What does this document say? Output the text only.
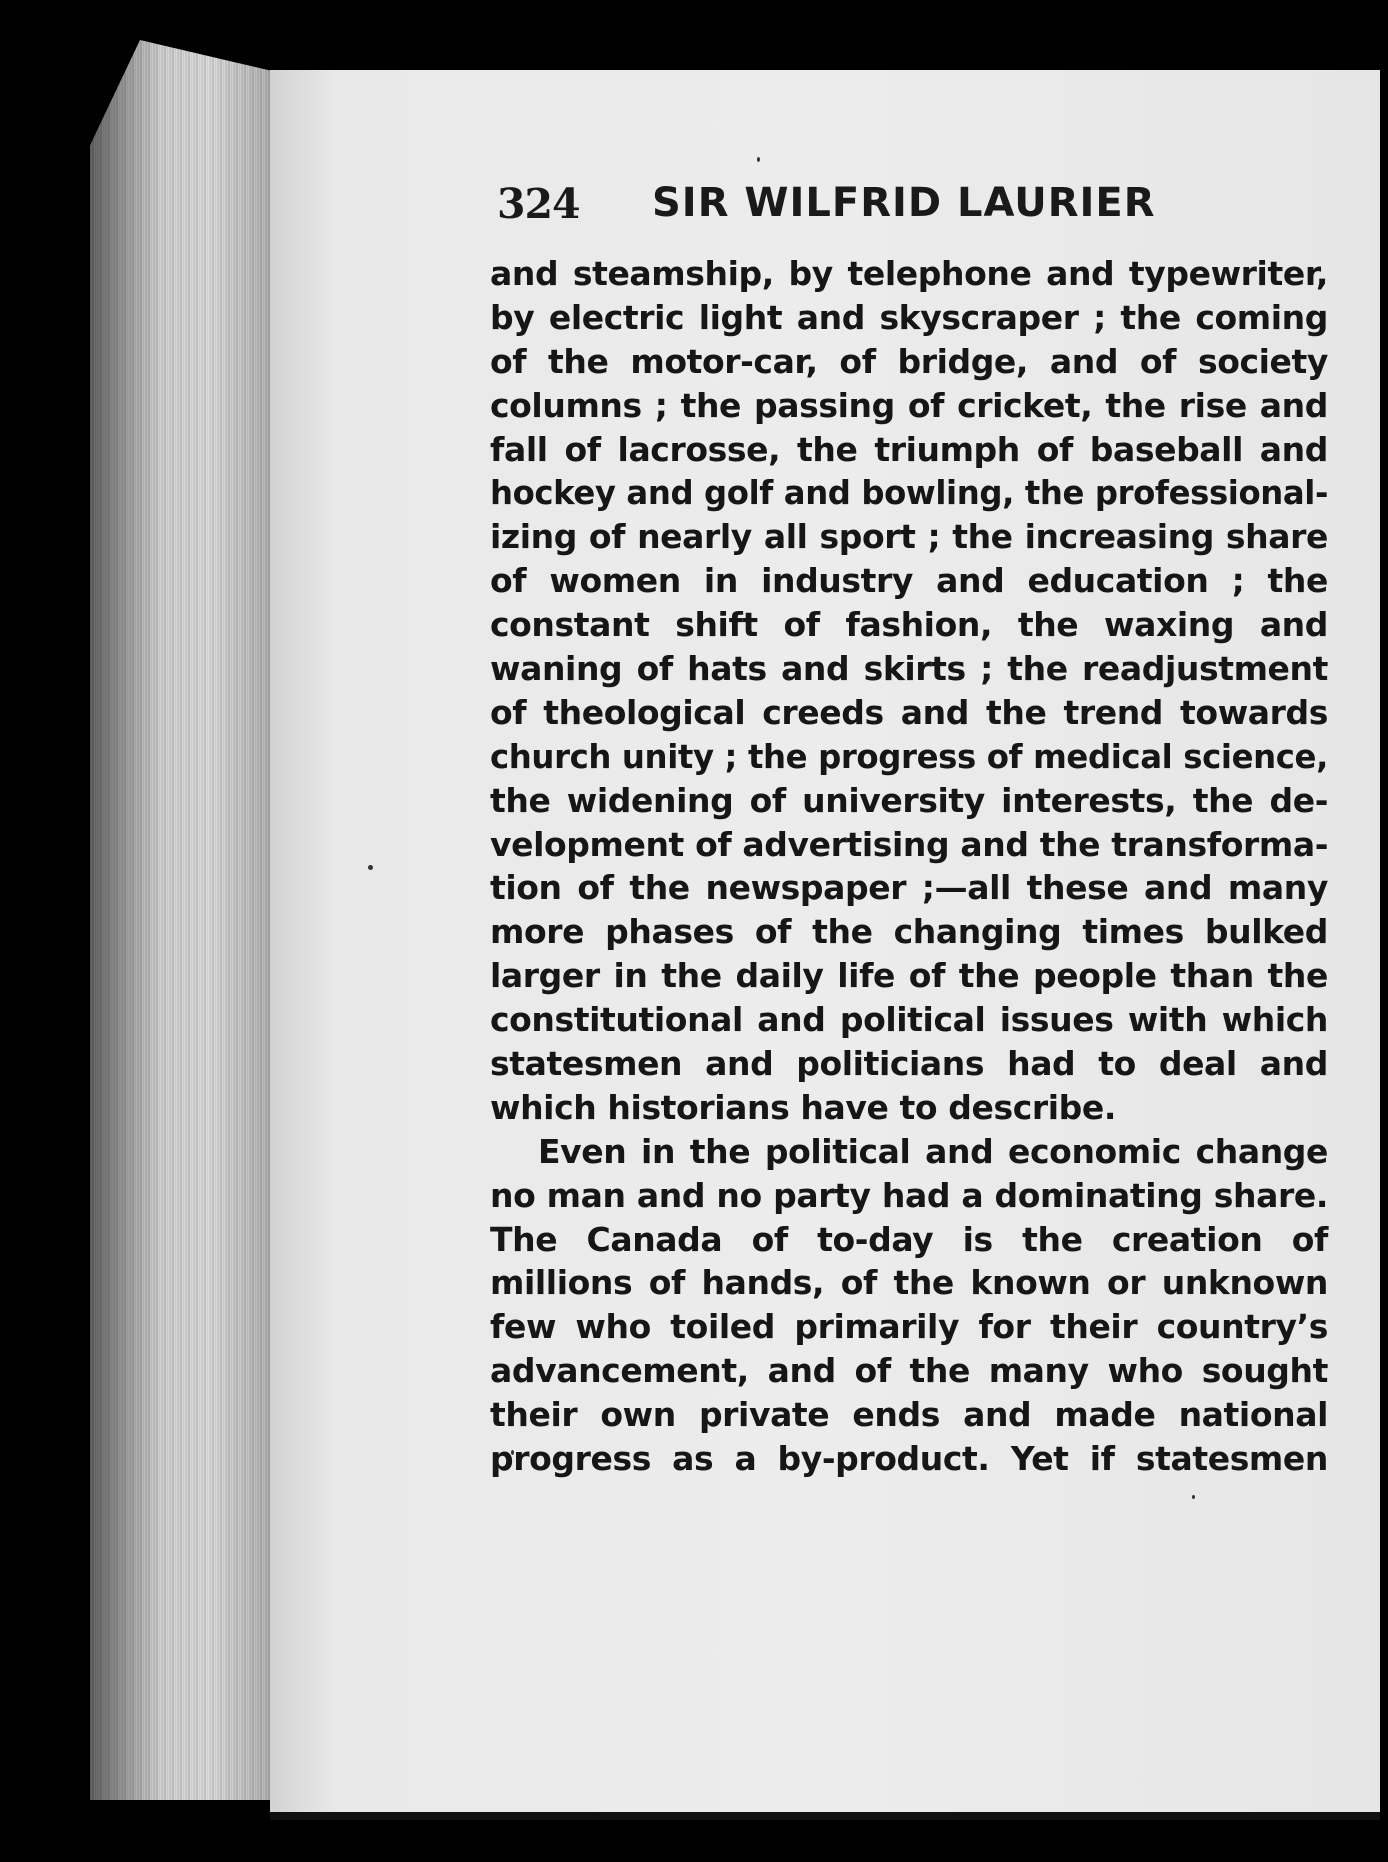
324 SIR WILFRID LAURIER
and steamship, by telephone and typewriter,
by electric light and skyscraper ; the coming
of the motor-car, of bridge, and of society
columns ; the passing of cricket, the rise and
fall of lacrosse, the triumph of baseball and
hockey and golf and bowling, the professional-
izing of nearly all sport ; the increasing share
of women in industry and education ; the
constant shift of fashion, the waxing and
waning of hats and skirts ; the readjustment
of theological creeds and the trend towards
church unity ; the progress of medical science,
the widening of university interests, the de-
velopment of advertising and the transforma-
tion of the newspaper ;—all these and many
more phases of the changing times bulked
larger in the daily life of the people than the
constitutional and political issues with which
statesmen and politicians had to deal and
which historians have to describe.
Even in the political and economic change
no man and no party had a dominating share.
The Canada of to-day is the creation of
millions of hands, of the known or unknown
few who toiled primarily for their country’s
advancement, and of the many who sought
their own private ends and made national
progress as a by-product. Yet if statesmen
